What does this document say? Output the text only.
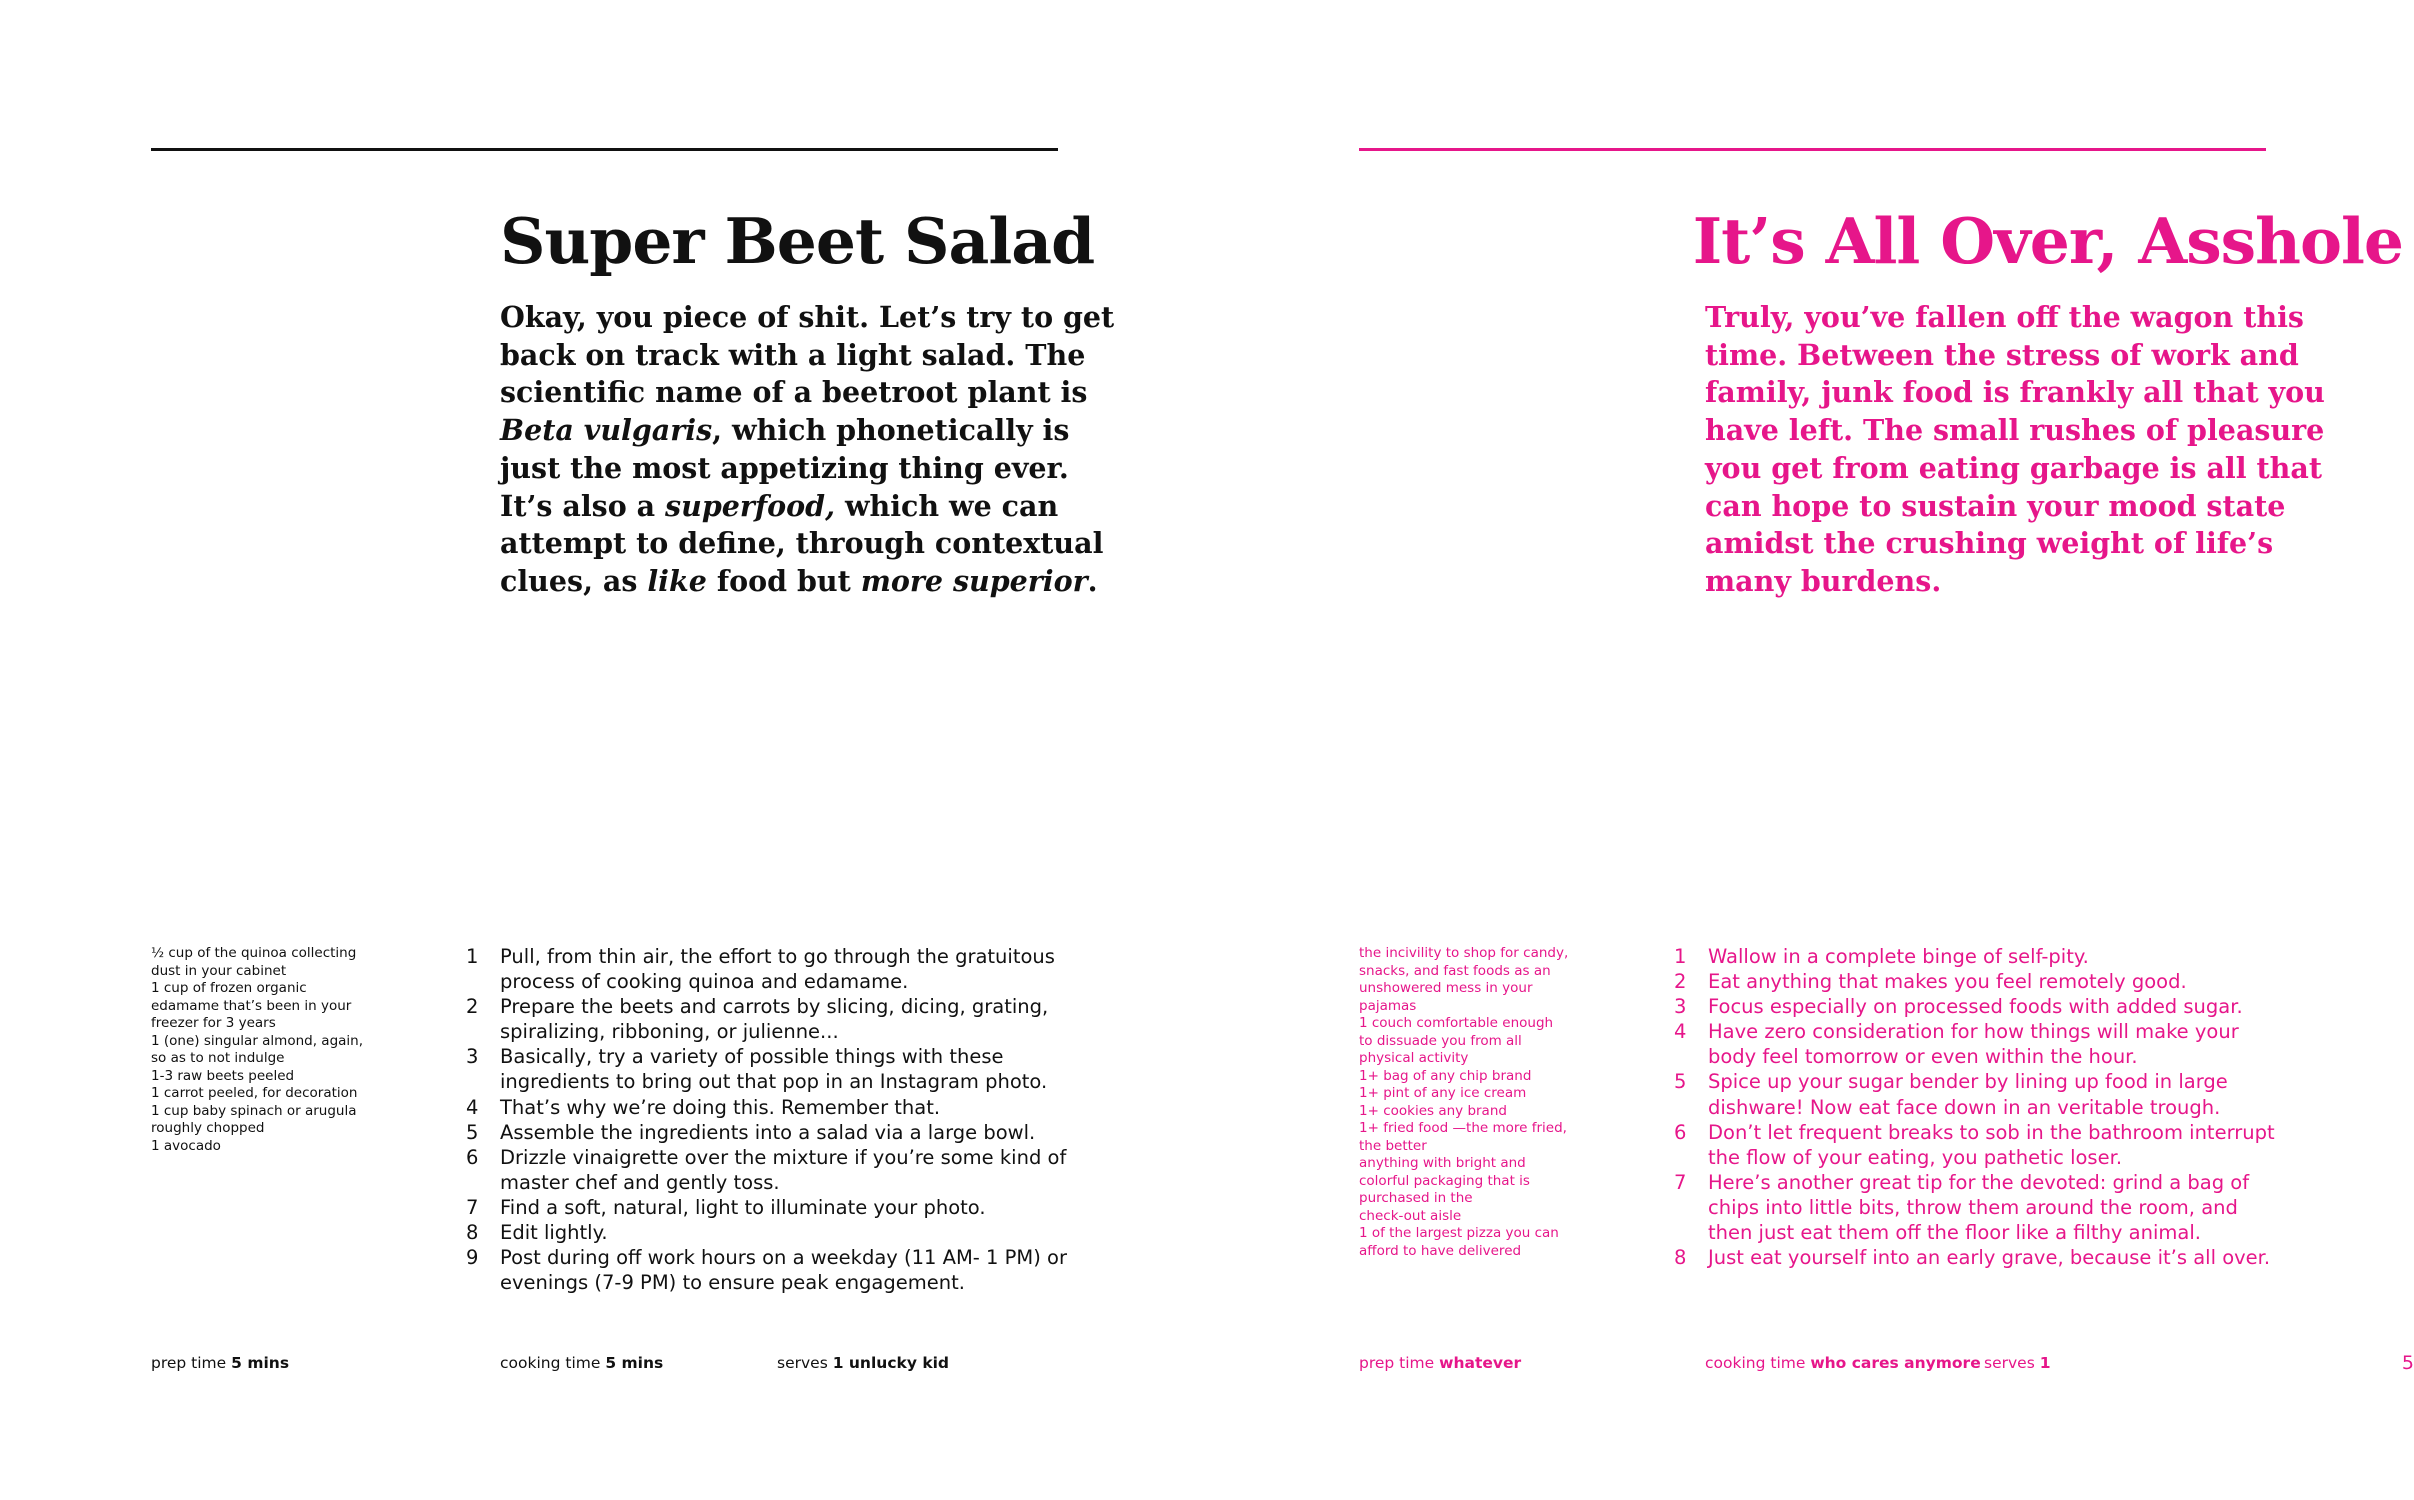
Super Beet Salad

Okay, you piece of shit. Let’s try to get
back on track with a light salad. The
scientific name of a beetroot plant is
Beta vulgaris, which phonetically is
just the most appetizing thing ever.
It’s also a superfood, which we can
attempt to define, through contextual
clues, as like food but more superior.

½ cup of the quinoa collecting
dust in your cabinet
1 cup of frozen organic
edamame that’s been in your
freezer for 3 years
1 (one) singular almond, again,
so as to not indulge
1-3 raw beets peeled
1 carrot peeled, for decoration
1 cup baby spinach or arugula
roughly chopped
1 avocado
1 Pull, from thin air, the effort to go through the gratuitous
process of cooking quinoa and edamame.
2 Prepare the beets and carrots by slicing, dicing, grating,
spiralizing, ribboning, or julienne...
3 Basically, try a variety of possible things with these
ingredients to bring out that pop in an Instagram photo.
4 That’s why we’re doing this. Remember that.
5 Assemble the ingredients into a salad via a large bowl.
6 Drizzle vinaigrette over the mixture if you’re some kind of
master chef and gently toss.
7 Find a soft, natural, light to illuminate your photo.
8 Edit lightly.
9 Post during off work hours on a weekday (11 AM- 1 PM) or
evenings (7-9 PM) to ensure peak engagement.
prep time 5 mins	cooking time 5 mins	serves 1 unlucky kid
It’s All Over, Asshole

Truly, you’ve fallen off the wagon this
time. Between the stress of work and
family, junk food is frankly all that you
have left. The small rushes of pleasure
you get from eating garbage is all that
can hope to sustain your mood state
amidst the crushing weight of life’s
many burdens.

the incivility to shop for candy,
snacks, and fast foods as an
unshowered mess in your
pajamas
1 couch comfortable enough
to dissuade you from all
physical activity
1+ bag of any chip brand
1+ pint of any ice cream
1+ cookies any brand
1+ fried food —the more fried,
the better
anything with bright and
colorful packaging that is
purchased in the
check-out aisle
1 of the largest pizza you can
afford to have delivered
1 Wallow in a complete binge of self-pity.
2 Eat anything that makes you feel remotely good.
3 Focus especially on processed foods with added sugar.
4 Have zero consideration for how things will make your
body feel tomorrow or even within the hour.
5 Spice up your sugar bender by lining up food in large
dishware! Now eat face down in an veritable trough.
6 Don’t let frequent breaks to sob in the bathroom interrupt
the flow of your eating, you pathetic loser.
7 Here’s another great tip for the devoted: grind a bag of
chips into little bits, throw them around the room, and
then just eat them off the floor like a filthy animal.
8 Just eat yourself into an early grave, because it’s all over.
prep time whatever	cooking time who cares anymore serves 1	5
